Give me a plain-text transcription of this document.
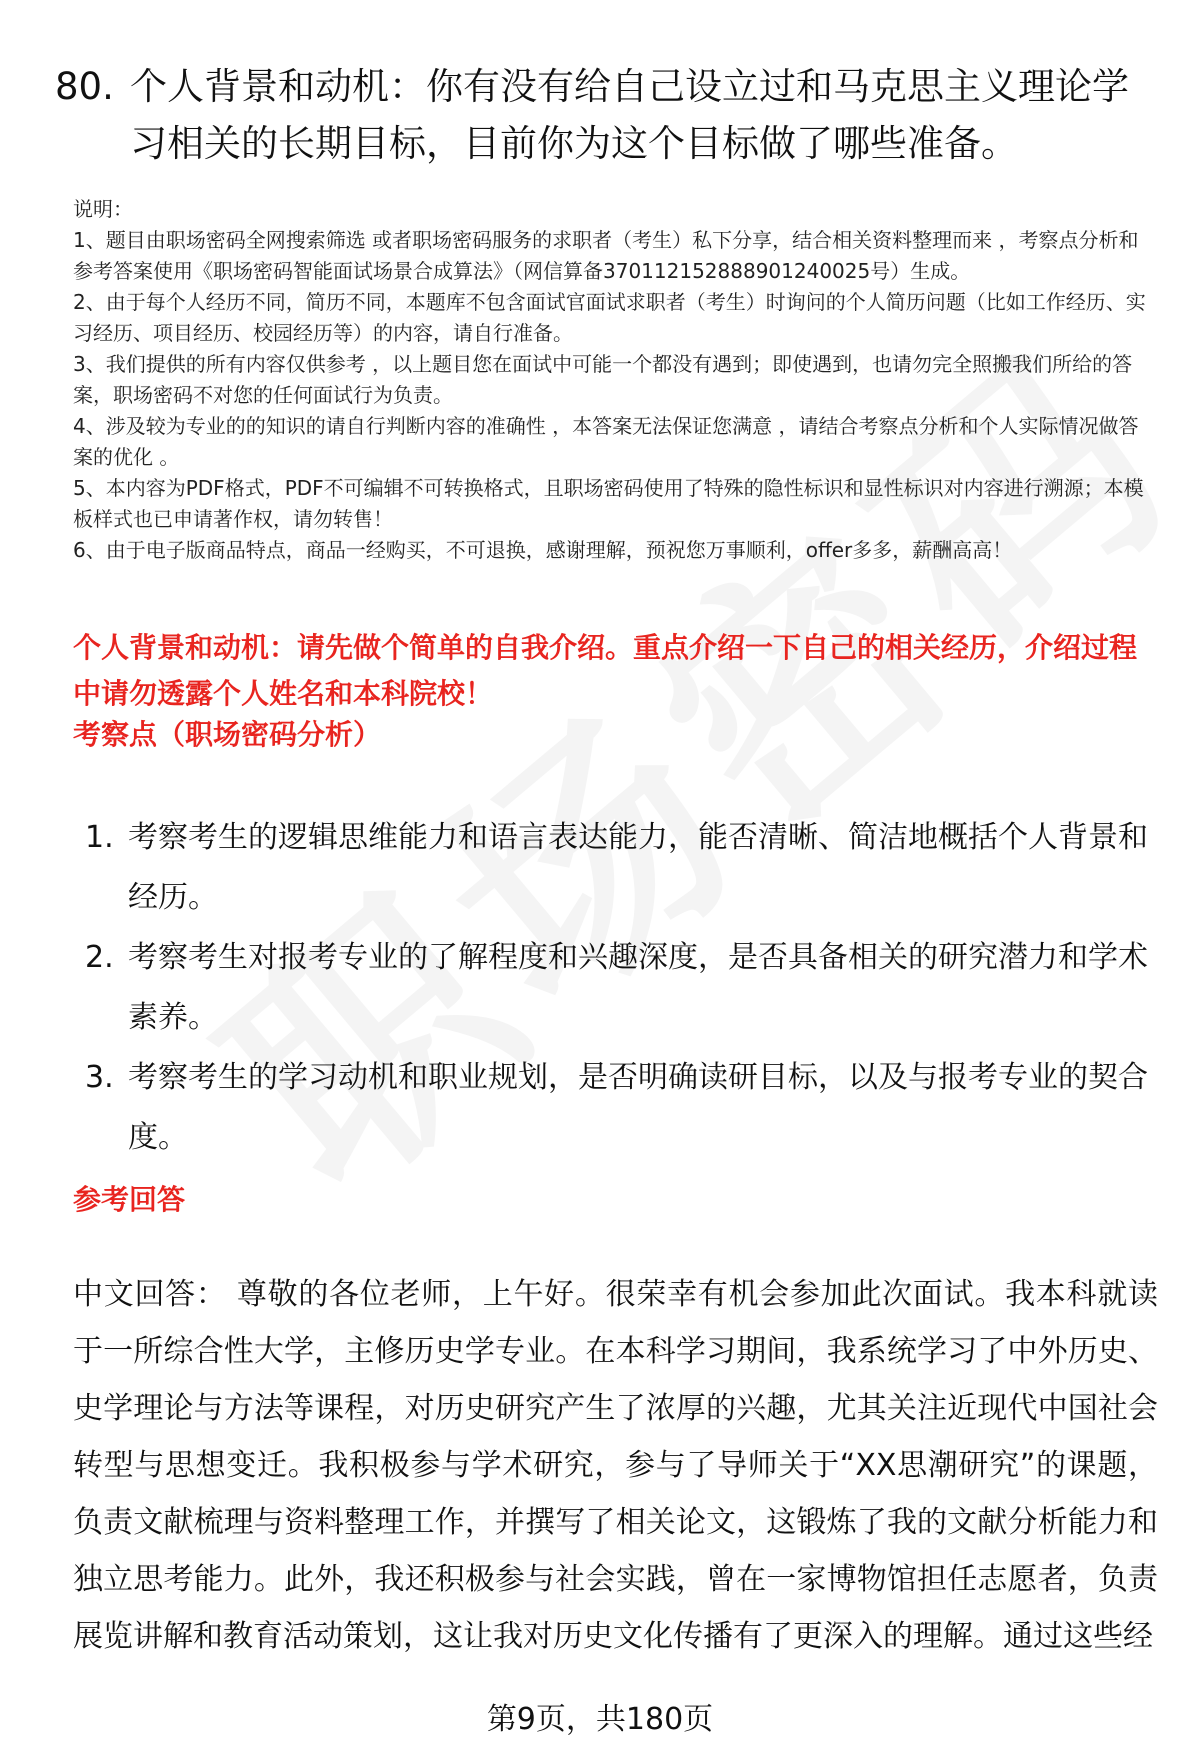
80. 个人背景和动机：你有没有给自己设立过和马克思主义理论学习相关的长期目标，目前你为这个目标做了哪些准备。

说明：

1、题目由职场密码全网搜索筛选 或者职场密码服务的求职者（考生）私下分享，结合相关资料整理而来 ，考察点分析和参考答案使用《职场密码智能面试场景合成算法》（网信算备370112152888901240025号）生成。

2、由于每个人经历不同，简历不同，本题库不包含面试官面试求职者（考生）时询问的个人简历问题（比如工作经历、实习经历、项目经历、校园经历等）的内容，请自行准备。

3、我们提供的所有内容仅供参考 ，以上题目您在面试中可能一个都没有遇到；即使遇到，也请勿完全照搬我们所给的答案，职场密码不对您的任何面试行为负责。

4、涉及较为专业的的知识的请自行判断内容的准确性 ，本答案无法保证您满意 ，请结合考察点分析和个人实际情况做答案的优化 。

5、本内容为PDF格式，PDF不可编辑不可转换格式，且职场密码使用了特殊的隐性标识和显性标识对内容进行溯源；本模板样式也已申请著作权，请勿转售！

6、由于电子版商品特点，商品一经购买，不可退换，感谢理解，预祝您万事顺利，offer多多，薪酬高高！

个人背景和动机：请先做个简单的自我介绍。重点介绍一下自己的相关经历，介绍过程中请勿透露个人姓名和本科院校！
考察点（职场密码分析）
1. 考察考生的逻辑思维能力和语言表达能力，能否清晰、简洁地概括个人背景和经历。
2. 考察考生对报考专业的了解程度和兴趣深度，是否具备相关的研究潜力和学术素养。
3. 考察考生的学习动机和职业规划，是否明确读研目标，以及与报考专业的契合度。
参考回答

中文回答： 尊敬的各位老师，上午好。很荣幸有机会参加此次面试。我本科就读于一所综合性大学，主修历史学专业。在本科学习期间，我系统学习了中外历史、史学理论与方法等课程，对历史研究产生了浓厚的兴趣，尤其关注近现代中国社会转型与思想变迁。我积极参与学术研究，参与了导师关于“XX思潮研究”的课题，负责文献梳理与资料整理工作，并撰写了相关论文，这锻炼了我的文献分析能力和独立思考能力。此外，我还积极参与社会实践，曾在一家博物馆担任志愿者，负责展览讲解和教育活动策划，这让我对历史文化传播有了更深入的理解。通过这些经

第9页，共180页
